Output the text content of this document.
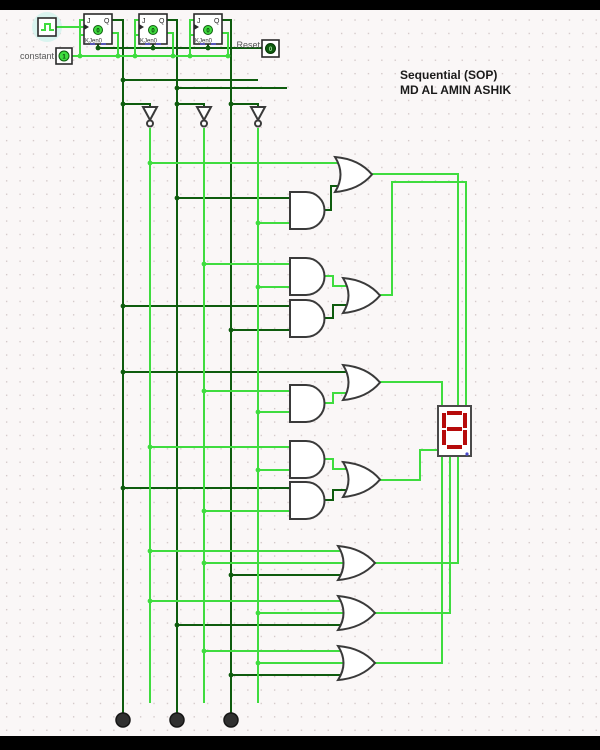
constant 1
Reset 0
J Q
0
KJen0
J Q
0
KJen0
J Q
0
KJen0
Sequential (SOP)
MD AL AMIN ASHIK
